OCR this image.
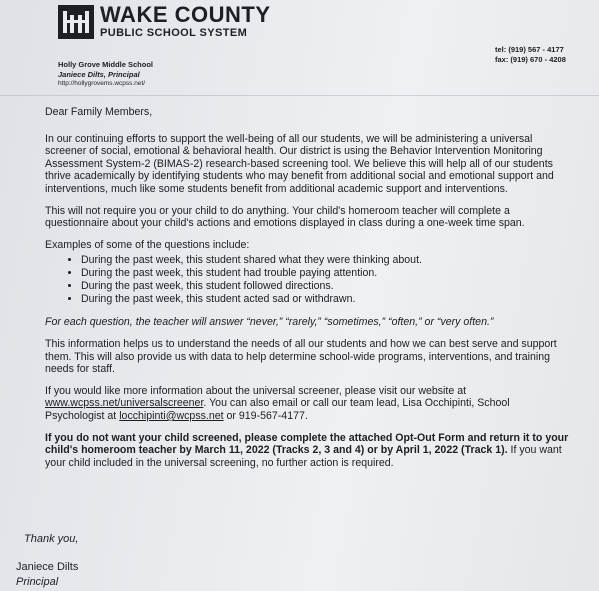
WAKE COUNTY
PUBLIC SCHOOL SYSTEM
Holly Grove Middle School
Janiece Dilts, Principal
http://hollygrovems.wcpss.net/
tel: (919) 567 - 4177
fax: (919) 670 - 4208

Dear Family Members,

In our continuing efforts to support the well-being of all our students, we will be administering a universal screener of social, emotional & behavioral health. Our district is using the Behavior Intervention Monitoring Assessment System-2 (BIMAS-2) research-based screening tool. We believe this will help all of our students thrive academically by identifying students who may benefit from additional social and emotional support and interventions, much like some students benefit from additional academic support and interventions.

This will not require you or your child to do anything. Your child's homeroom teacher will complete a questionnaire about your child's actions and emotions displayed in class during a one-week time span.

Examples of some of the questions include:

• During the past week, this student shared what they were thinking about.
• During the past week, this student had trouble paying attention.
• During the past week, this student followed directions.
• During the past week, this student acted sad or withdrawn.

For each question, the teacher will answer “never,” “rarely,” “sometimes,” “often,” or “very often.”

This information helps us to understand the needs of all our students and how we can best serve and support them. This will also provide us with data to help determine school-wide programs, interventions, and training needs for staff.

If you would like more information about the universal screener, please visit our website at www.wcpss.net/universalscreener. You can also email or call our team lead, Lisa Occhipinti, School Psychologist at locchipinti@wcpss.net or 919-567-4177.

If you do not want your child screened, please complete the attached Opt-Out Form and return it to your child's homeroom teacher by March 11, 2022 (Tracks 2, 3 and 4) or by April 1, 2022 (Track 1). If you want your child included in the universal screening, no further action is required.

Thank you,
Janiece Dilts
Principal
